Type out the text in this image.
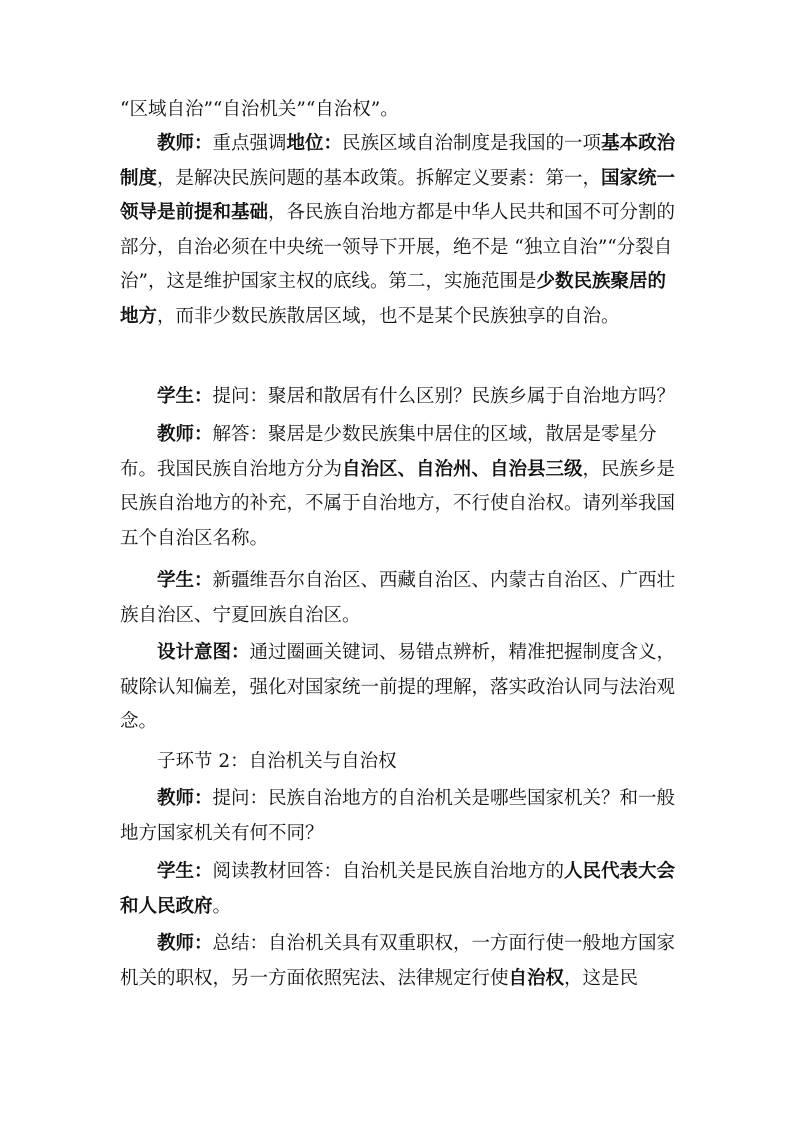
“区域自治”“自治机关”“自治权”。

教师：重点强调地位：民族区域自治制度是我国的一项基本政治制度，是解决民族问题的基本政策。拆解定义要素：第一，国家统一领导是前提和基础，各民族自治地方都是中华人民共和国不可分割的部分，自治必须在中央统一领导下开展，绝不是 “独立自治”“分裂自治”，这是维护国家主权的底线。第二，实施范围是少数民族聚居的地方，而非少数民族散居区域，也不是某个民族独享的自治。

学生：提问：聚居和散居有什么区别？民族乡属于自治地方吗？

教师：解答：聚居是少数民族集中居住的区域，散居是零星分布。我国民族自治地方分为自治区、自治州、自治县三级，民族乡是民族自治地方的补充，不属于自治地方，不行使自治权。请列举我国五个自治区名称。

学生：新疆维吾尔自治区、西藏自治区、内蒙古自治区、广西壮族自治区、宁夏回族自治区。

设计意图：通过圈画关键词、易错点辨析，精准把握制度含义，破除认知偏差，强化对国家统一前提的理解，落实政治认同与法治观念。

子环节 2：自治机关与自治权

教师：提问：民族自治地方的自治机关是哪些国家机关？和一般地方国家机关有何不同？

学生：阅读教材回答：自治机关是民族自治地方的人民代表大会和人民政府。

教师：总结：自治机关具有双重职权，一方面行使一般地方国家机关的职权，另一方面依照宪法、法律规定行使自治权，这是民
